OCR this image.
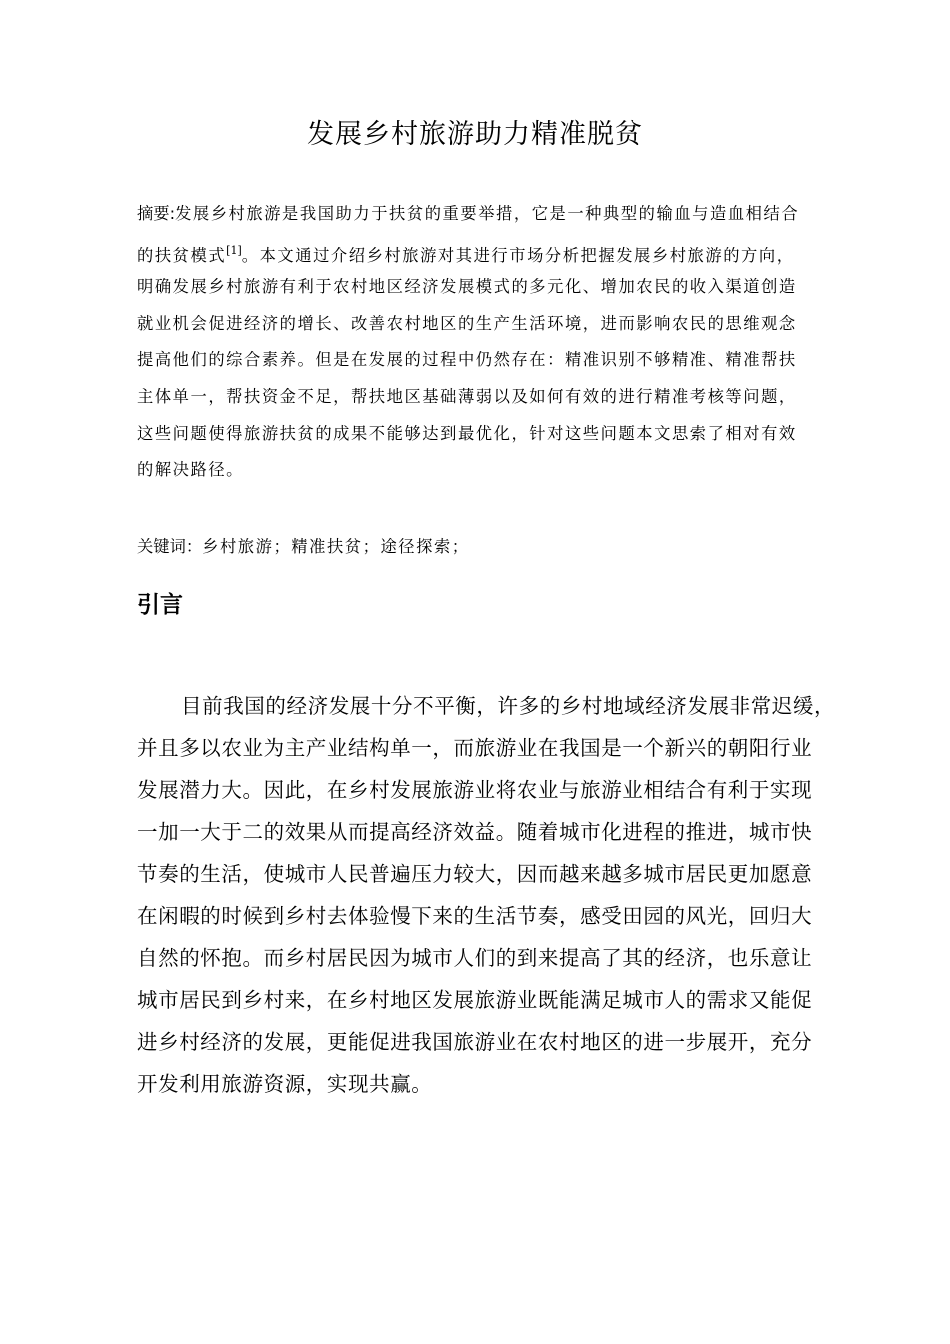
发展乡村旅游助力精准脱贫
摘要:发展乡村旅游是我国助力于扶贫的重要举措，它是一种典型的输血与造血相结合
的扶贫模式[1]。本文通过介绍乡村旅游对其进行市场分析把握发展乡村旅游的方向，
明确发展乡村旅游有利于农村地区经济发展模式的多元化、增加农民的收入渠道创造
就业机会促进经济的增长、改善农村地区的生产生活环境，进而影响农民的思维观念
提高他们的综合素养。但是在发展的过程中仍然存在：精准识别不够精准、精准帮扶
主体单一，帮扶资金不足，帮扶地区基础薄弱以及如何有效的进行精准考核等问题，
这些问题使得旅游扶贫的成果不能够达到最优化，针对这些问题本文思索了相对有效
的解决路径。
关键词：乡村旅游；精准扶贫；途径探索；
引言
目前我国的经济发展十分不平衡，许多的乡村地域经济发展非常迟缓，
并且多以农业为主产业结构单一，而旅游业在我国是一个新兴的朝阳行业
发展潜力大。因此，在乡村发展旅游业将农业与旅游业相结合有利于实现
一加一大于二的效果从而提高经济效益。随着城市化进程的推进，城市快
节奏的生活，使城市人民普遍压力较大，因而越来越多城市居民更加愿意
在闲暇的时候到乡村去体验慢下来的生活节奏，感受田园的风光，回归大
自然的怀抱。而乡村居民因为城市人们的到来提高了其的经济，也乐意让
城市居民到乡村来，在乡村地区发展旅游业既能满足城市人的需求又能促
进乡村经济的发展，更能促进我国旅游业在农村地区的进一步展开，充分
开发利用旅游资源，实现共赢。
